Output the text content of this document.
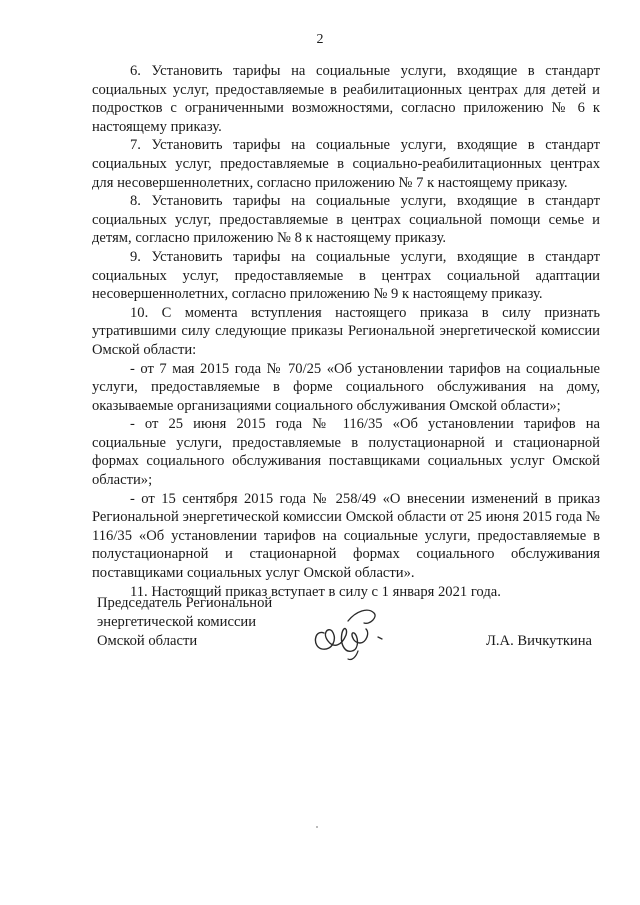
2

6. Установить тарифы на социальные услуги, входящие в стандарт социальных услуг, предоставляемые в реабилитационных центрах для детей и подростков с ограниченными возможностями, согласно приложению № 6 к настоящему приказу.

7. Установить тарифы на социальные услуги, входящие в стандарт социальных услуг, предоставляемые в социально-реабилитационных центрах для несовершеннолетних, согласно приложению № 7 к настоящему приказу.

8. Установить тарифы на социальные услуги, входящие в стандарт социальных услуг, предоставляемые в центрах социальной помощи семье и детям, согласно приложению № 8 к настоящему приказу.

9. Установить тарифы на социальные услуги, входящие в стандарт социальных услуг, предоставляемые в центрах социальной адаптации несовершеннолетних, согласно приложению № 9 к настоящему приказу.

10. С момента вступления настоящего приказа в силу признать утратившими силу следующие приказы Региональной энергетической комиссии Омской области:

- от 7 мая 2015 года № 70/25 «Об установлении тарифов на социальные услуги, предоставляемые в форме социального обслуживания на дому, оказываемые организациями социального обслуживания Омской области»;

- от 25 июня 2015 года № 116/35 «Об установлении тарифов на социальные услуги, предоставляемые в полустационарной и стационарной формах социального обслуживания поставщиками социальных услуг Омской области»;

- от 15 сентября 2015 года № 258/49 «О внесении изменений в приказ Региональной энергетической комиссии Омской области от 25 июня 2015 года № 116/35 «Об установлении тарифов на социальные услуги, предоставляемые в полустационарной и стационарной формах социального обслуживания поставщиками социальных услуг Омской области».

11. Настоящий приказ вступает в силу с 1 января 2021 года.

Председатель Региональной
энергетической комиссии
Омской области	Л.А. Вичкуткина
